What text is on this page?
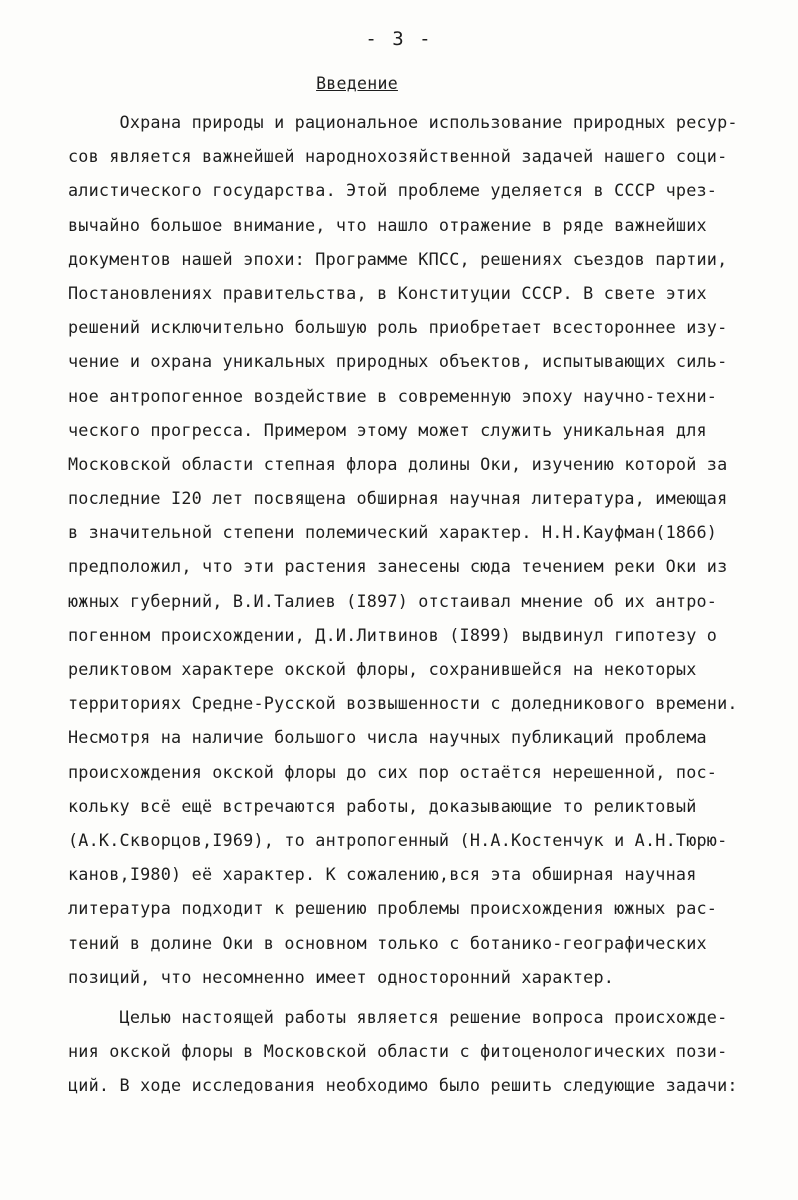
- 3 -
Введение
Охрана природы и рациональное использование природных ресур-
сов является важнейшей народнохозяйственной задачей нашего соци-
алистического государства. Этой проблеме уделяется в СССР чрез-
вычайно большое внимание, что нашло отражение в ряде важнейших
документов нашей эпохи: Программе КПСС, решениях съездов партии,
Постановлениях правительства, в Конституции СССР. В свете этих
решений исключительно большую роль приобретает всестороннее изу-
чение и охрана уникальных природных объектов, испытывающих силь-
ное антропогенное воздействие в современную эпоху научно-техни-
ческого прогресса. Примером этому может служить уникальная для
Московской области степная флора долины Оки, изучению которой за
последние I20 лет посвящена обширная научная литература, имеющая
в значительной степени полемический характер. Н.Н.Кауфман(1866)
предположил, что эти растения занесены сюда течением реки Оки из
южных губерний, В.И.Талиев (I897) отстаивал мнение об их антро-
погенном происхождении, Д.И.Литвинов (I899) выдвинул гипотезу о
реликтовом характере окской флоры, сохранившейся на некоторых
территориях Средне-Русской возвышенности с доледникового времени.
Несмотря на наличие большого числа научных публикаций проблема
происхождения окской флоры до сих пор остаётся нерешенной, пос-
кольку всё ещё встречаются работы, доказывающие то реликтовый
(А.К.Скворцов,I969), то антропогенный (Н.А.Костенчук и А.Н.Тюрю-
канов,I980) её характер. К сожалению,вся эта обширная научная
литература подходит к решению проблемы происхождения южных рас-
тений в долине Оки в основном только с ботанико-географических
позиций, что несомненно имеет односторонний характер.
Целью настоящей работы является решение вопроса происхожде-
ния окской флоры в Московской области с фитоценологических пози-
ций. В ходе исследования необходимо было решить следующие задачи:
